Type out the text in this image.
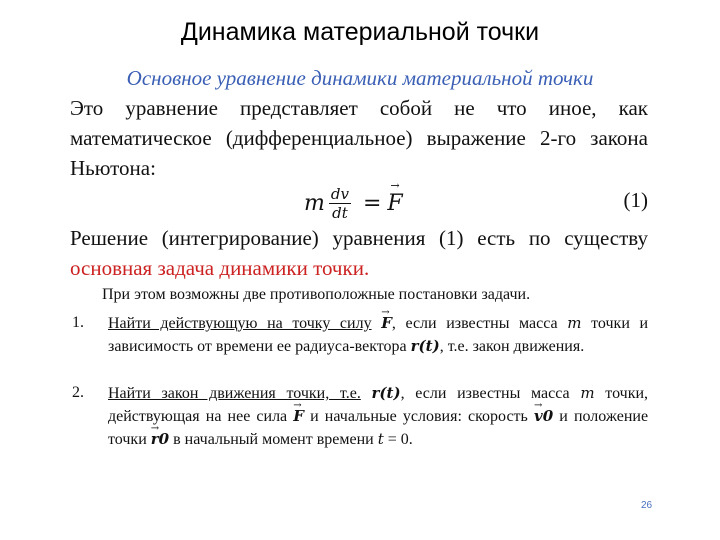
Динамика материальной точки
Основное уравнение динамики материальной точки
Это уравнение представляет собой не что иное, как математическое (дифференциальное) выражение 2-го закона Ньютона:
m $\frac{dv}{dt}$ = → F	(1)
Решение (интегрирование) уравнения (1) есть по существу основная задача динамики точки.
При этом возможны две противоположные постановки задачи.
1. Найти действующую на точку силу → F, если известны масса m точки и зависимость от времени ее радиуса-вектора r(t), т.е. закон движения.
2. Найти закон движения точки, т.е. r(t), если известны масса m точки, действующая на нее сила → F и начальные условия: скорость → v0 и положение точки → r0 в начальный момент времени t = 0.
26
